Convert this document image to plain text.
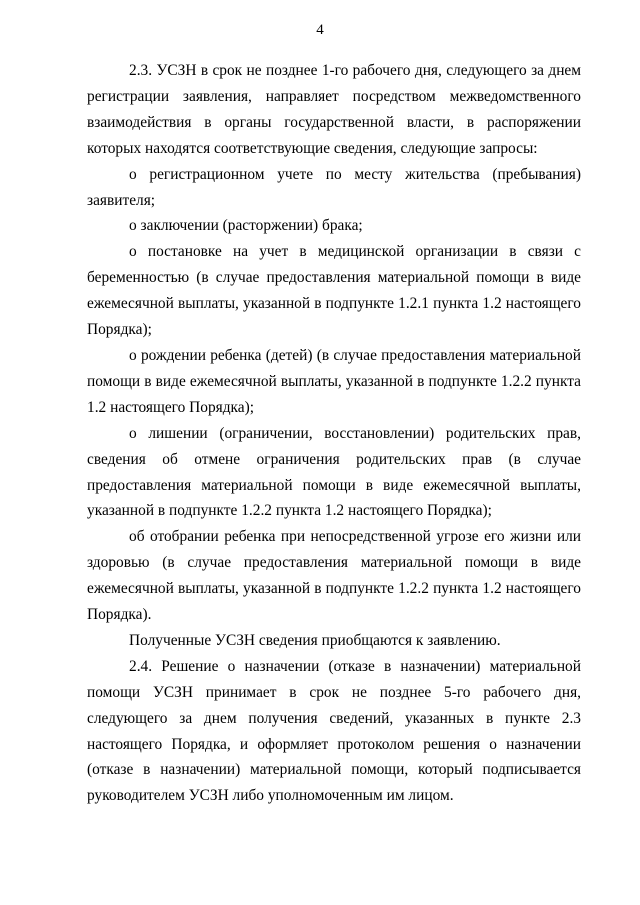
4
2.3. УСЗН в срок не позднее 1-го рабочего дня, следующего за днем
регистрации заявления, направляет посредством межведомственного
взаимодействия в органы государственной власти, в распоряжении
которых находятся соответствующие сведения, следующие запросы:
о регистрационном учете по месту жительства (пребывания)
заявителя;
о заключении (расторжении) брака;
о постановке на учет в медицинской организации в связи с
беременностью (в случае предоставления материальной помощи в виде
ежемесячной выплаты, указанной в подпункте 1.2.1 пункта 1.2 настоящего
Порядка);
о рождении ребенка (детей) (в случае предоставления материальной
помощи в виде ежемесячной выплаты, указанной в подпункте 1.2.2 пункта
1.2 настоящего Порядка);
о лишении (ограничении, восстановлении) родительских прав,
сведения об отмене ограничения родительских прав (в случае
предоставления материальной помощи в виде ежемесячной выплаты,
указанной в подпункте 1.2.2 пункта 1.2 настоящего Порядка);
об отобрании ребенка при непосредственной угрозе его жизни или
здоровью (в случае предоставления материальной помощи в виде
ежемесячной выплаты, указанной в подпункте 1.2.2 пункта 1.2 настоящего
Порядка).
Полученные УСЗН сведения приобщаются к заявлению.
2.4. Решение о назначении (отказе в назначении) материальной
помощи УСЗН принимает в срок не позднее 5-го рабочего дня,
следующего за днем получения сведений, указанных в пункте 2.3
настоящего Порядка, и оформляет протоколом решения о назначении
(отказе в назначении) материальной помощи, который подписывается
руководителем УСЗН либо уполномоченным им лицом.
